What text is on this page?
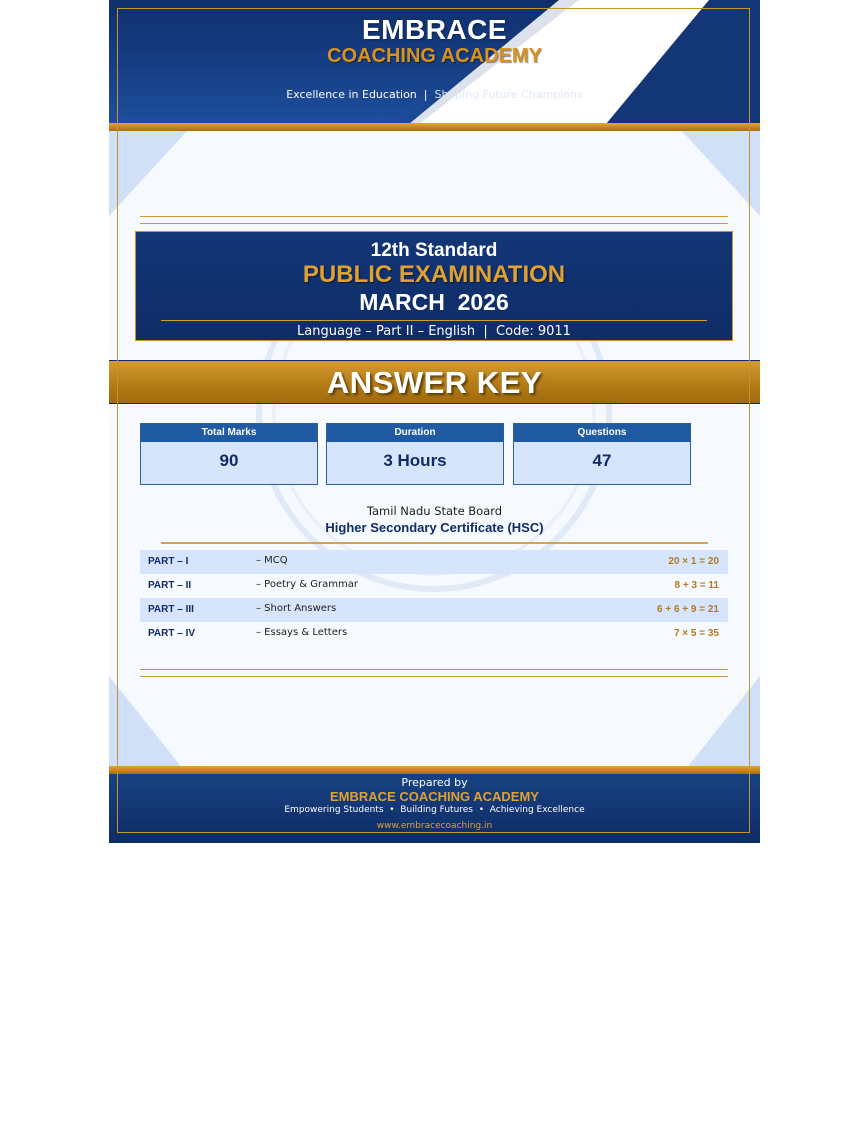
EMBRACE
COACHING ACADEMY
Excellence in Education  |  Shaping Future Champions
12th Standard
PUBLIC EXAMINATION
MARCH  2026
Language – Part II – English  |  Code: 9011
ANSWER KEY
Total Marks
90
Duration
3 Hours
Questions
47
Tamil Nadu State Board
Higher Secondary Certificate (HSC)
PART – I	– MCQ	20 × 1 = 20
PART – II	– Poetry & Grammar	8 + 3 = 11
PART – III	– Short Answers	6 + 6 + 9 = 21
PART – IV	– Essays & Letters	7 × 5 = 35
Prepared by
EMBRACE COACHING ACADEMY
Empowering Students  •  Building Futures  •  Achieving Excellence
www.embracecoaching.in
